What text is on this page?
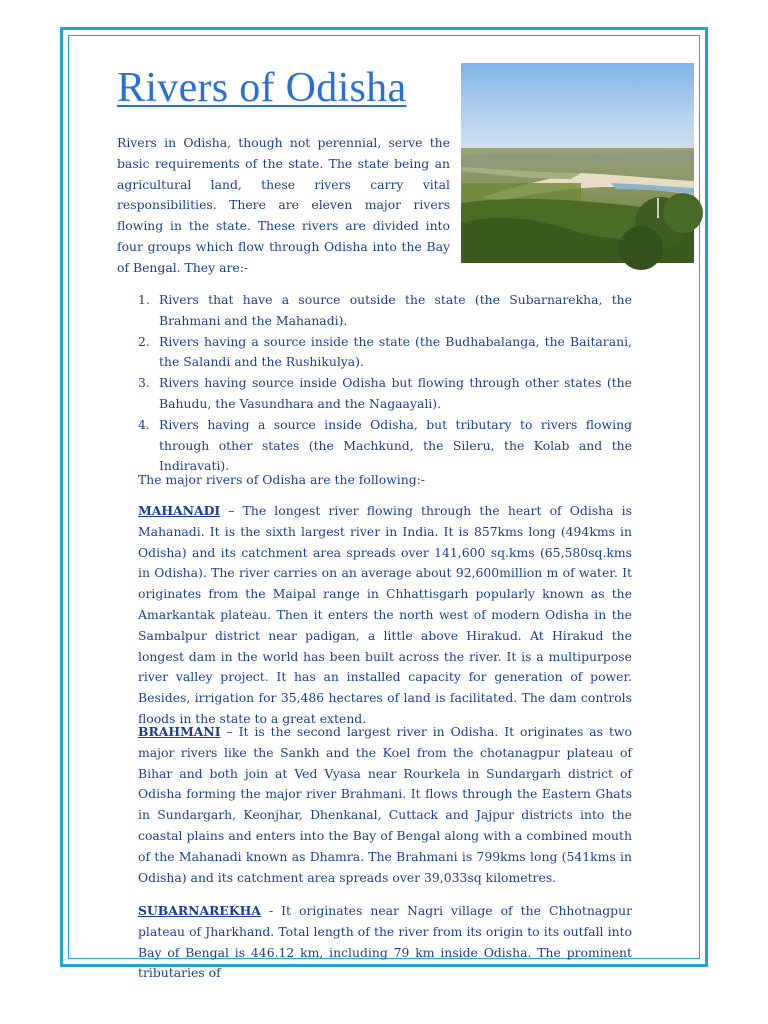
Rivers of Odisha

Rivers in Odisha, though not perennial, serve the basic requirements of the state. The state being an agricultural land, these rivers carry vital responsibilities. There are eleven major rivers flowing in the state. These rivers are divided into four groups which flow through Odisha into the Bay of Bengal. They are:-

1. Rivers that have a source outside the state (the Subarnarekha, the Brahmani and the Mahanadi).
2. Rivers having a source inside the state (the Budhabalanga, the Baitarani, the Salandi and the Rushikulya).
3. Rivers having source inside Odisha but flowing through other states (the Bahudu, the Vasundhara and the Nagaayali).
4. Rivers having a source inside Odisha, but tributary to rivers flowing through other states (the Machkund, the Sileru, the Kolab and the Indiravati).

The major rivers of Odisha are the following:-

MAHANADI – The longest river flowing through the heart of Odisha is Mahanadi. It is the sixth largest river in India. It is 857kms long (494kms in Odisha) and its catchment area spreads over 141,600 sq.kms (65,580sq.kms in Odisha). The river carries on an average about 92,600million m of water. It originates from the Maipal range in Chhattisgarh popularly known as the Amarkantak plateau. Then it enters the north west of modern Odisha in the Sambalpur district near padigan, a little above Hirakud. At Hirakud the longest dam in the world has been built across the river. It is a multipurpose river valley project. It has an installed capacity for generation of power. Besides, irrigation for 35,486 hectares of land is facilitated. The dam controls floods in the state to a great extend.

BRAHMANI – It is the second largest river in Odisha. It originates as two major rivers like the Sankh and the Koel from the chotanagpur plateau of Bihar and both join at Ved Vyasa near Rourkela in Sundargarh district of Odisha forming the major river Brahmani. It flows through the Eastern Ghats in Sundargarh, Keonjhar, Dhenkanal, Cuttack and Jajpur districts into the coastal plains and enters into the Bay of Bengal along with a combined mouth of the Mahanadi known as Dhamra. The Brahmani is 799kms long (541kms in Odisha) and its catchment area spreads over 39,033sq kilometres.

SUBARNAREKHA - It originates near Nagri village of the Chhotnagpur plateau of Jharkhand. Total length of the river from its origin to its outfall into Bay of Bengal is 446.12 km, including 79 km inside Odisha. The prominent tributaries of
